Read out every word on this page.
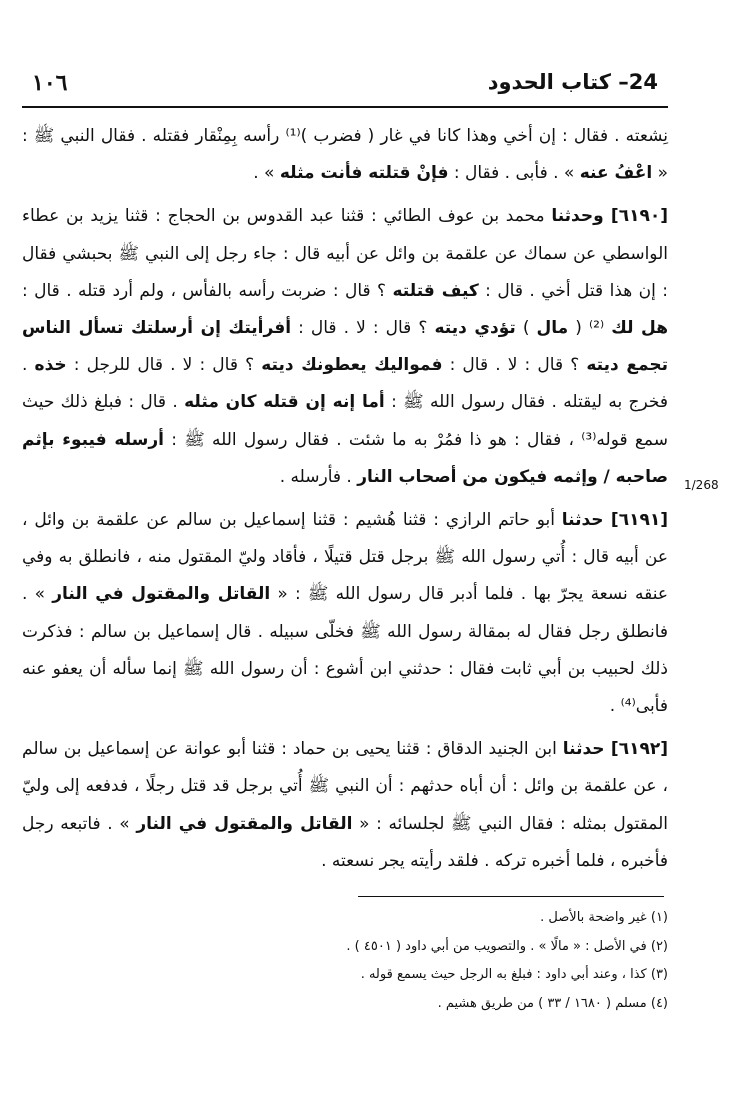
١٠٦	24– كتاب الحدود

نِشعته . فقال : إن أخي وهذا كانا في غار ( فضرب )⁽¹⁾ رأسه بِمِنْقار فقتله . فقال النبي ﷺ : « اعْفُ عنه » . فأبى . فقال : فإنْ قتلته فأنت مثله » .

[٦١٩٠] وحدثنا محمد بن عوف الطائي : قثنا عبد القدوس بن الحجاج : قثنا يزيد بن عطاء الواسطي عن سماك عن علقمة بن وائل عن أبيه قال : جاء رجل إلى النبي ﷺ بحبشي فقال : إن هذا قتل أخي . قال : كيف قتلته ؟ قال : ضربت رأسه بالفأس ، ولم أرد قتله . قال : هل لك ⁽²⁾ ( مال ) تؤدي ديته ؟ قال : لا . قال : أفرأيتك إن أرسلتك تسأل الناس تجمع ديته ؟ قال : لا . قال : فمواليك يعطونك ديته ؟ قال : لا . قال للرجل : خذه . فخرج به ليقتله . فقال رسول الله ﷺ : أما إنه إن قتله كان مثله . قال : فبلغ ذلك حيث سمع قوله⁽³⁾ ، فقال : هو ذا فمُرْ به ما شئت . فقال رسول الله ﷺ : أرسله فيبوء بإثم صاحبه / وإثمه فيكون من أصحاب النار . فأرسله .

[٦١٩١] حدثنا أبو حاتم الرازي : قثنا هُشيم : قثنا إسماعيل بن سالم عن علقمة بن وائل ، عن أبيه قال : أُتي رسول الله ﷺ برجل قتل قتيلًا ، فأقاد وليّ المقتول منه ، فانطلق به وفي عنقه نسعة يجرّ بها . فلما أدبر قال رسول الله ﷺ : « القاتل والمقتول في النار » . فانطلق رجل فقال له بمقالة رسول الله ﷺ فخلّى سبيله . قال إسماعيل بن سالم : فذكرت ذلك لحبيب بن أبي ثابت فقال : حدثني ابن أشوع : أن رسول الله ﷺ إنما سأله أن يعفو عنه فأبى⁽⁴⁾ .

[٦١٩٢] حدثنا ابن الجنيد الدقاق : قثنا يحيى بن حماد : قثنا أبو عوانة عن إسماعيل بن سالم ، عن علقمة بن وائل : أن أباه حدثهم : أن النبي ﷺ أُتي برجل قد قتل رجلًا ، فدفعه إلى وليّ المقتول بمثله : فقال النبي ﷺ لجلسائه : « القاتل والمقتول في النار » . فاتبعه رجل فأخبره ، فلما أخبره تركه . فلقد رأيته يجر نسعته .

1/268

(١) غير واضحة بالأصل .

(٢) في الأصل : « مالًا » . والتصويب من أبي داود ( ٤٥٠١ ) .

(٣) كذا ، وعند أبي داود : فبلغ به الرجل حيث يسمع قوله .

(٤) مسلم ( ١٦٨٠ / ٣٣ ) من طريق هشيم .
